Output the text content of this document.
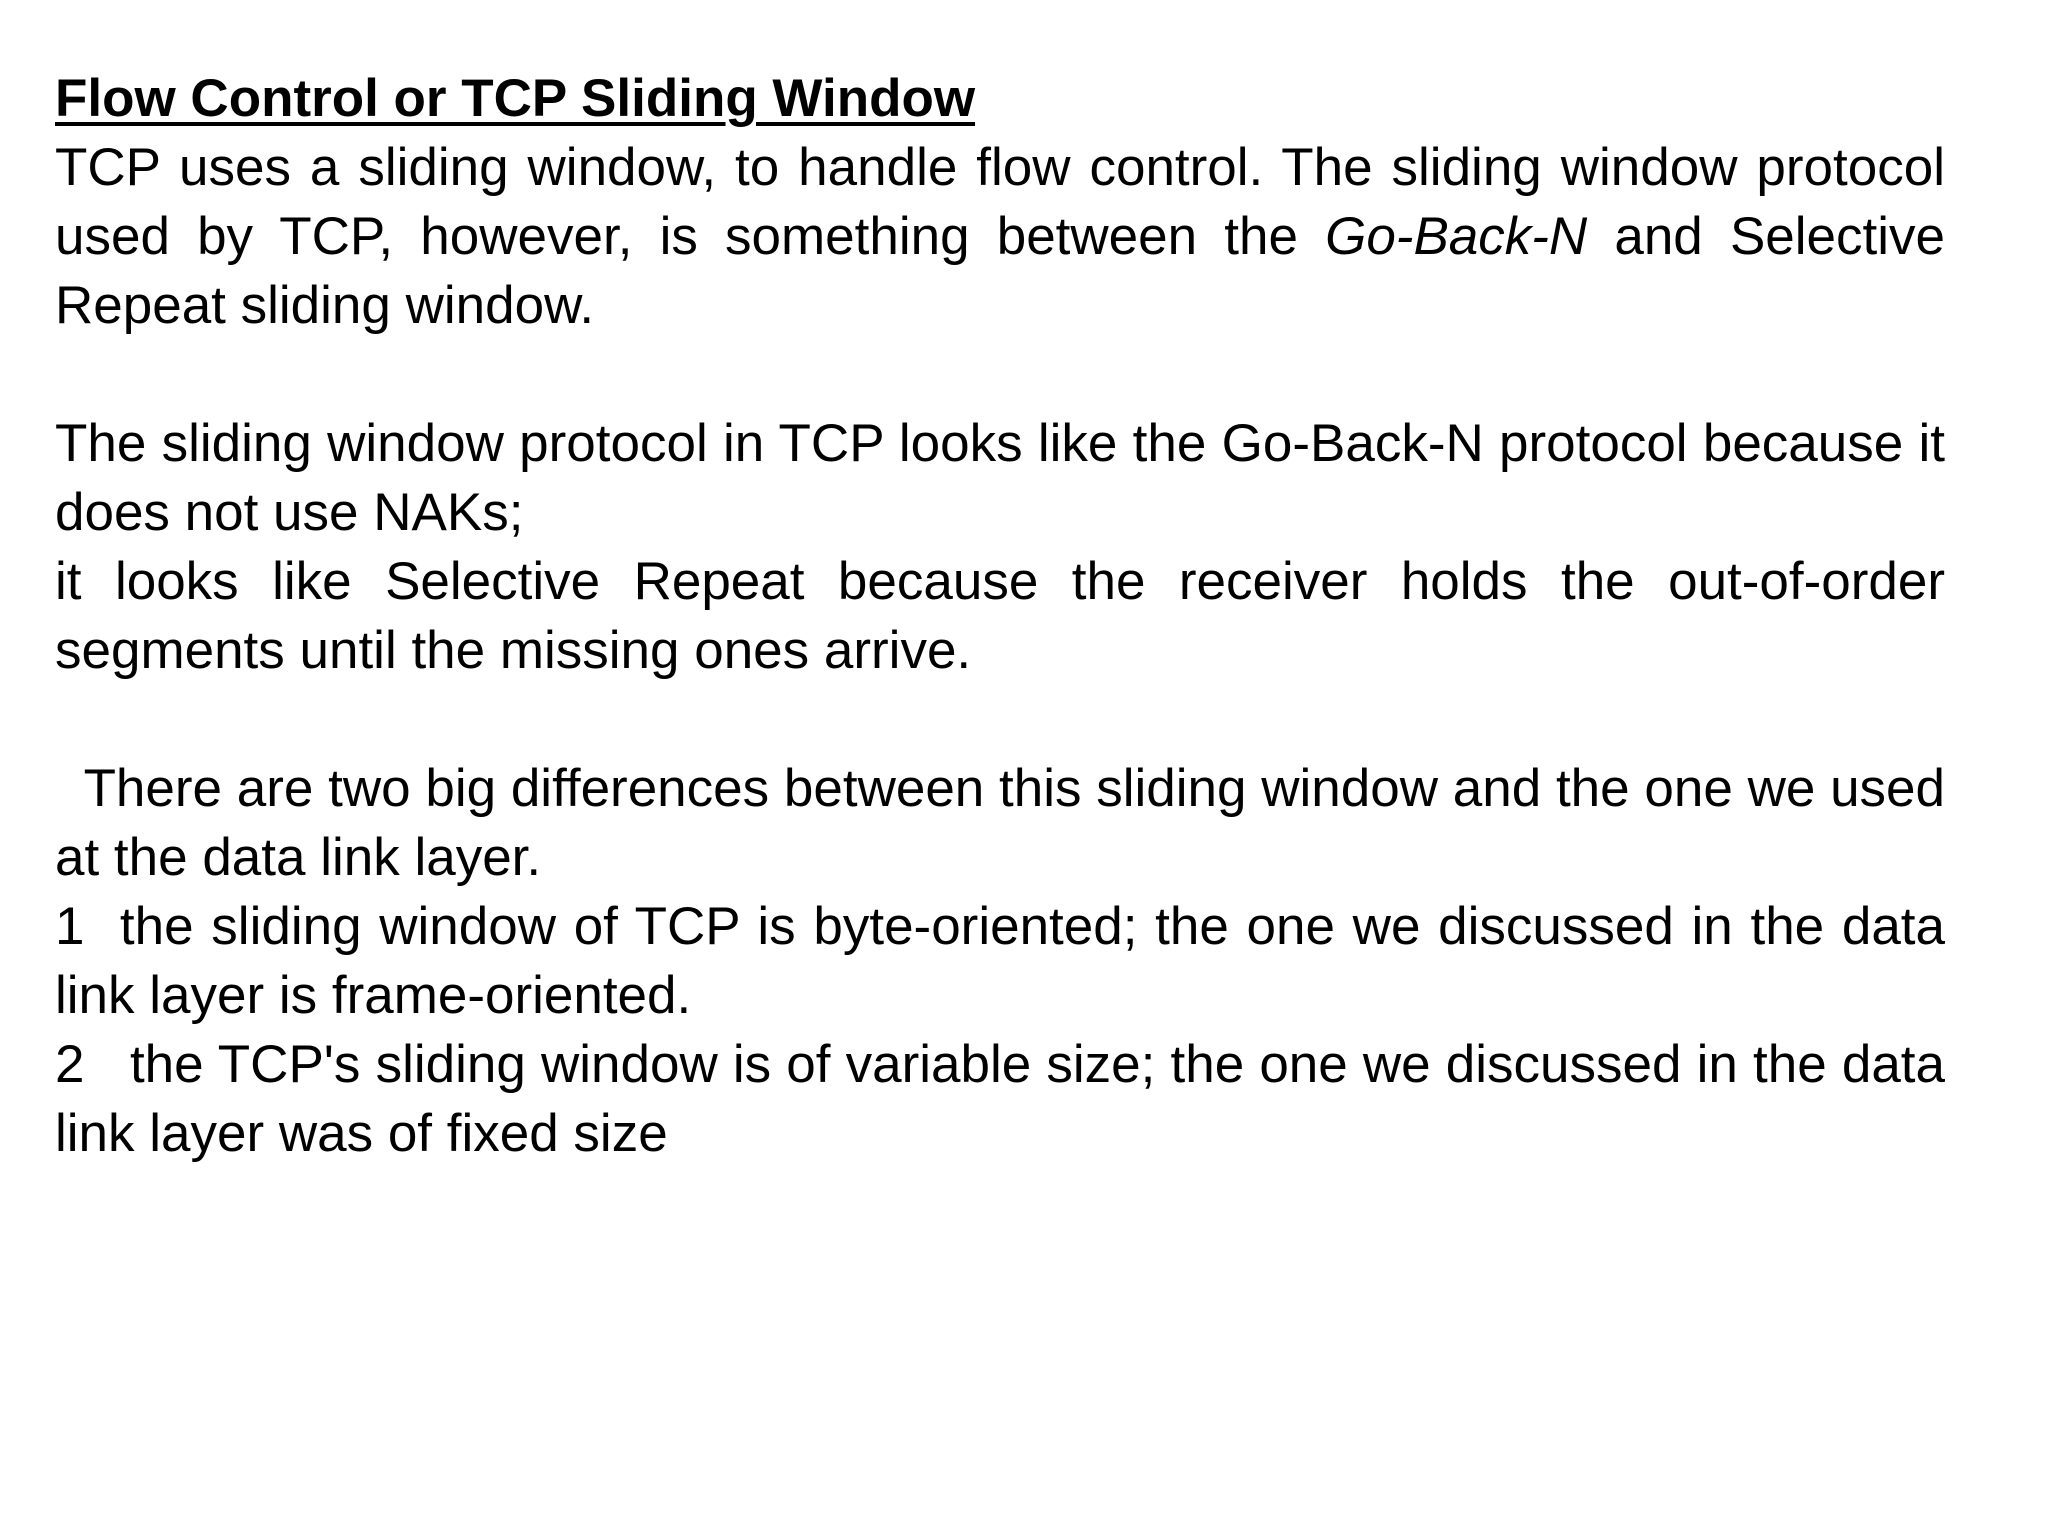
Flow Control or TCP Sliding Window

TCP uses a sliding window, to handle flow control. The sliding window protocol used by TCP, however, is something between the Go-Back-N and Selective Repeat sliding window.

The sliding window protocol in TCP looks like the Go-Back-N protocol because it does not use NAKs;

it looks like Selective Repeat because the receiver holds the out-of-order segments until the missing ones arrive.

There are two big differences between this sliding window and the one we used at the data link layer.

1 the sliding window of TCP is byte-oriented; the one we discussed in the data link layer is frame-oriented.

2 the TCP's sliding window is of variable size; the one we discussed in the data link layer was of fixed size
